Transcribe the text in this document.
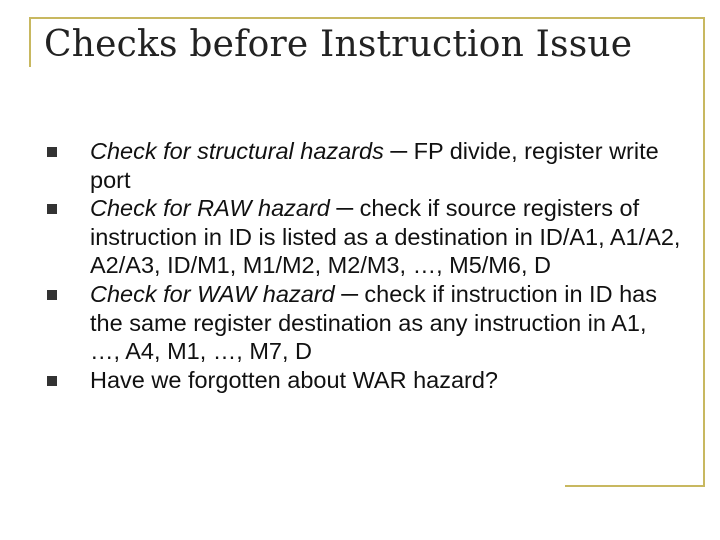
Checks before Instruction Issue
Check for structural hazards ─ FP divide, register write port
Check for RAW hazard ─ check if source registers of instruction in ID is listed as a destination in ID/A1, A1/A2, A2/A3, ID/M1, M1/M2, M2/M3, …, M5/M6, D
Check for WAW hazard ─ check if instruction in ID has the same register destination as any instruction in A1, …, A4, M1, …, M7, D
Have we forgotten about WAR hazard?
